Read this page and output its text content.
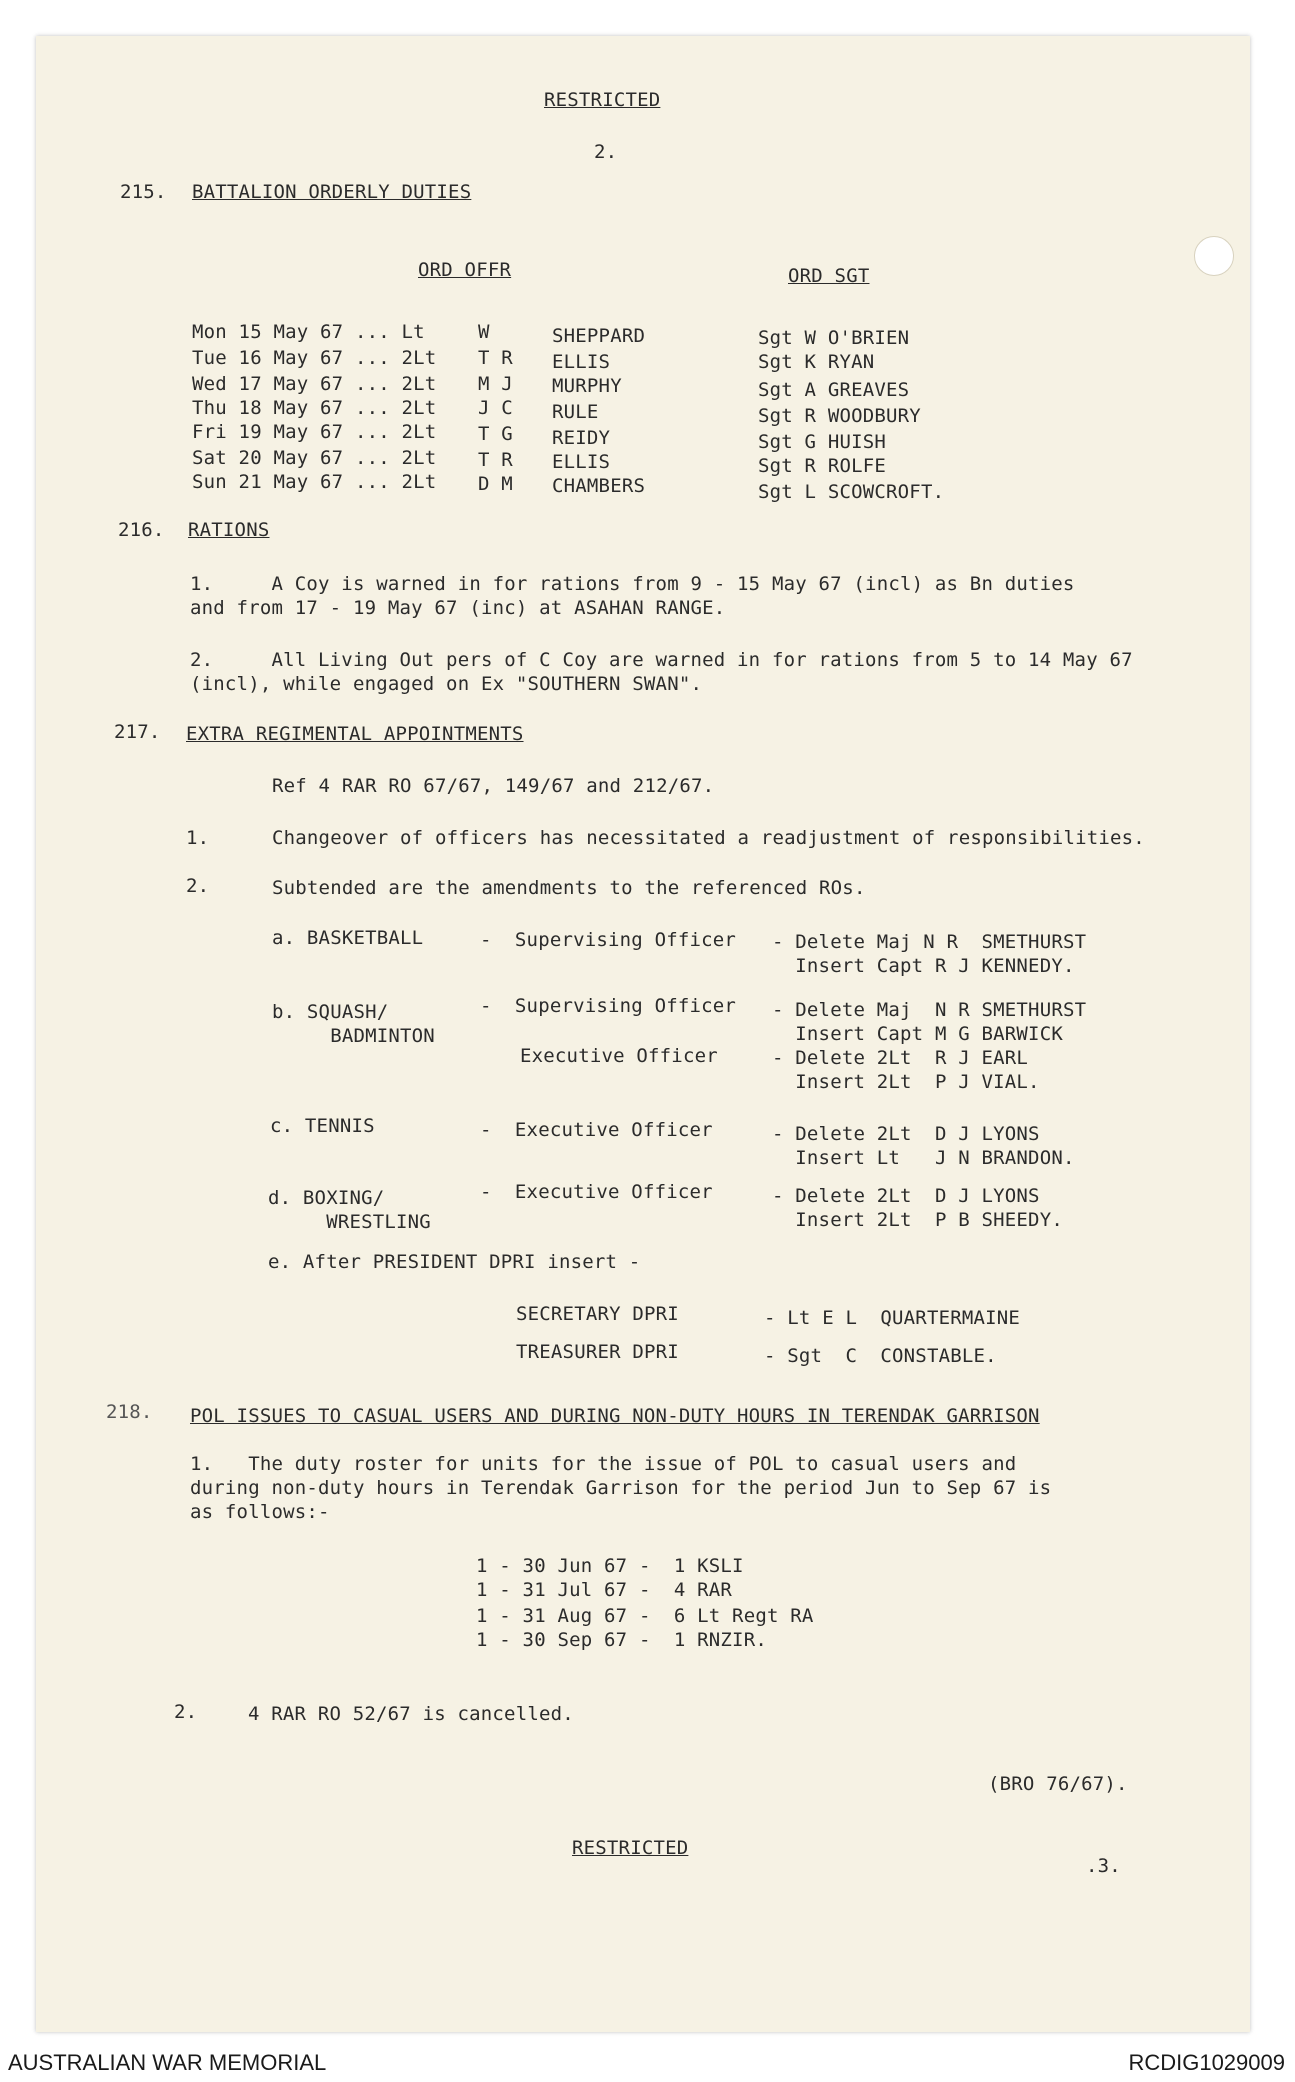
RESTRICTED
2.
215. BATTALION ORDERLY DUTIES
ORD OFFR	ORD SGT
Mon 15 May 67 ... Lt	W	SHEPPARD	Sgt W O'BRIEN
Tue 16 May 67 ... 2Lt T R ELLIS	Sgt K RYAN
Wed 17 May 67 ... 2Lt M J MURPHY	Sgt A GREAVES
Thu 18 May 67 ... 2Lt J C RULE	Sgt R WOODBURY
Fri 19 May 67 ... 2Lt T G REIDY	Sgt G HUISH
Sat 20 May 67 ... 2Lt T R ELLIS	Sgt R ROLFE
Sun 21 May 67 ... 2Lt D M CHAMBERS	Sgt L SCOWCROFT.
216. RATIONS
1.     A Coy is warned in for rations from 9 - 15 May 67 (incl) as Bn duties
and from 17 - 19 May 67 (inc) at ASAHAN RANGE.
2.     All Living Out pers of C Coy are warned in for rations from 5 to 14 May 67
(incl), while engaged on Ex "SOUTHERN SWAN".
217. EXTRA REGIMENTAL APPOINTMENTS
Ref 4 RAR RO 67/67, 149/67 and 212/67.
1.	Changeover of officers has necessitated a readjustment of responsibilities.
2.	Subtended are the amendments to the referenced ROs.
a. BASKETBALL	-  Supervising Officer - Delete Maj N R  SMETHURST
Insert Capt R J KENNEDY.
b. SQUASH/
BADMINTON
-  Supervising Officer - Delete Maj  N R SMETHURST
Insert Capt M G BARWICK
Executive Officer	- Delete 2Lt  R J EARL
Insert 2Lt  P J VIAL.
c. TENNIS	-  Executive Officer	- Delete 2Lt  D J LYONS
Insert Lt   J N BRANDON.
d. BOXING/
WRESTLING
-  Executive Officer	- Delete 2Lt  D J LYONS
Insert 2Lt  P B SHEEDY.
e. After PRESIDENT DPRI insert -
SECRETARY DPRI	- Lt E L  QUARTERMAINE
TREASURER DPRI	- Sgt  C  CONSTABLE.
218. POL ISSUES TO CASUAL USERS AND DURING NON-DUTY HOURS IN TERENDAK GARRISON
1.   The duty roster for units for the issue of POL to casual users and
during non-duty hours in Terendak Garrison for the period Jun to Sep 67 is
as follows:-
1 - 30 Jun 67 -  1 KSLI
1 - 31 Jul 67 -  4 RAR
1 - 31 Aug 67 -  6 Lt Regt RA
1 - 30 Sep 67 -  1 RNZIR.
2.	4 RAR RO 52/67 is cancelled.
(BRO 76/67).
RESTRICTED
.3.
AUSTRALIAN WAR MEMORIAL	RCDIG1029009
